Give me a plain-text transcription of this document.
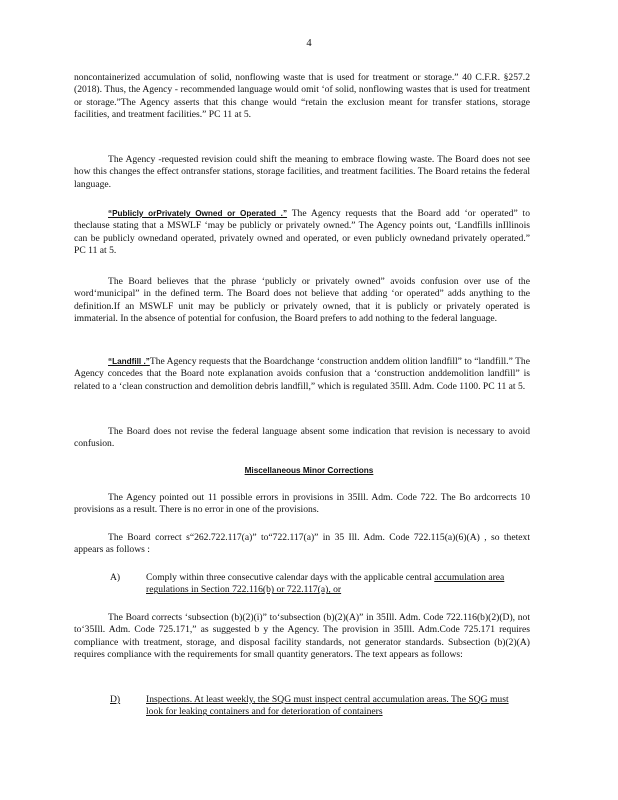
4

noncontainerized accumulation of solid, nonflowing waste that is used for treatment or storage.” 40 C.F.R. §257.2 (2018). Thus, the Agency - recommended language would omit ‘of solid, nonflowing wastes that is used for treatment or storage.”The Agency asserts that this change would “retain the exclusion meant for transfer stations, storage facilities, and treatment facilities.” PC 11 at 5.

The Agency -requested revision could shift the meaning to embrace flowing waste. The Board does not see how this changes the effect ontransfer stations, storage facilities, and treatment facilities. The Board retains the federal language.

“Publicly orPrivately Owned or Operated .” The Agency requests that the Board add ‘or operated” to theclause stating that a MSWLF ‘may be publicly or privately owned.” The Agency points out, ‘Landfills inIllinois can be publicly ownedand operated, privately owned and operated, or even publicly ownedand privately operated.” PC 11 at 5.

The Board believes that the phrase ‘publicly or privately owned” avoids confusion over use of the word‘municipal” in the defined term. The Board does not believe that adding ‘or operated” adds anything to the definition.If an MSWLF unit may be publicly or privately owned, that it is publicly or privately operated is immaterial. In the absence of potential for confusion, the Board prefers to add nothing to the federal language.

“Landfill .”The Agency requests that the Boardchange ‘construction anddem olition landfill” to “landfill.” The Agency concedes that the Board note explanation avoids confusion that a ‘construction anddemolition landfill” is related to a ‘clean construction and demolition debris landfill,” which is regulated 35Ill. Adm. Code 1100. PC 11 at 5.

The Board does not revise the federal language absent some indication that revision is necessary to avoid confusion.

Miscellaneous Minor Corrections

The Agency pointed out 11 possible errors in provisions in 35Ill. Adm. Code 722. The Bo ardcorrects 10 provisions as a result. There is no error in one of the provisions.

The Board correct s“262.722.117(a)” to“722.117(a)” in 35 Ill. Adm. Code 722.115(a)(6)(A) , so thetext appears as follows :

A)	Comply within three consecutive calendar days with the applicable central accumulation area regulations in Section 722.116(b) or 722.117(a), or

The Board corrects ‘subsection (b)(2)(i)” to‘subsection (b)(2)(A)” in 35Ill. Adm. Code 722.116(b)(2)(D), not to‘35Ill. Adm. Code 725.171,” as suggested b y the Agency. The provision in 35Ill. Adm.Code 725.171 requires compliance with treatment, storage, and disposal facility standards, not generator standards. Subsection (b)(2)(A) requires compliance with the requirements for small quantity generators. The text appears as follows:

D)	Inspections. At least weekly, the SQG must inspect central accumulation areas. The SQG must look for leaking containers and for deterioration of containers
